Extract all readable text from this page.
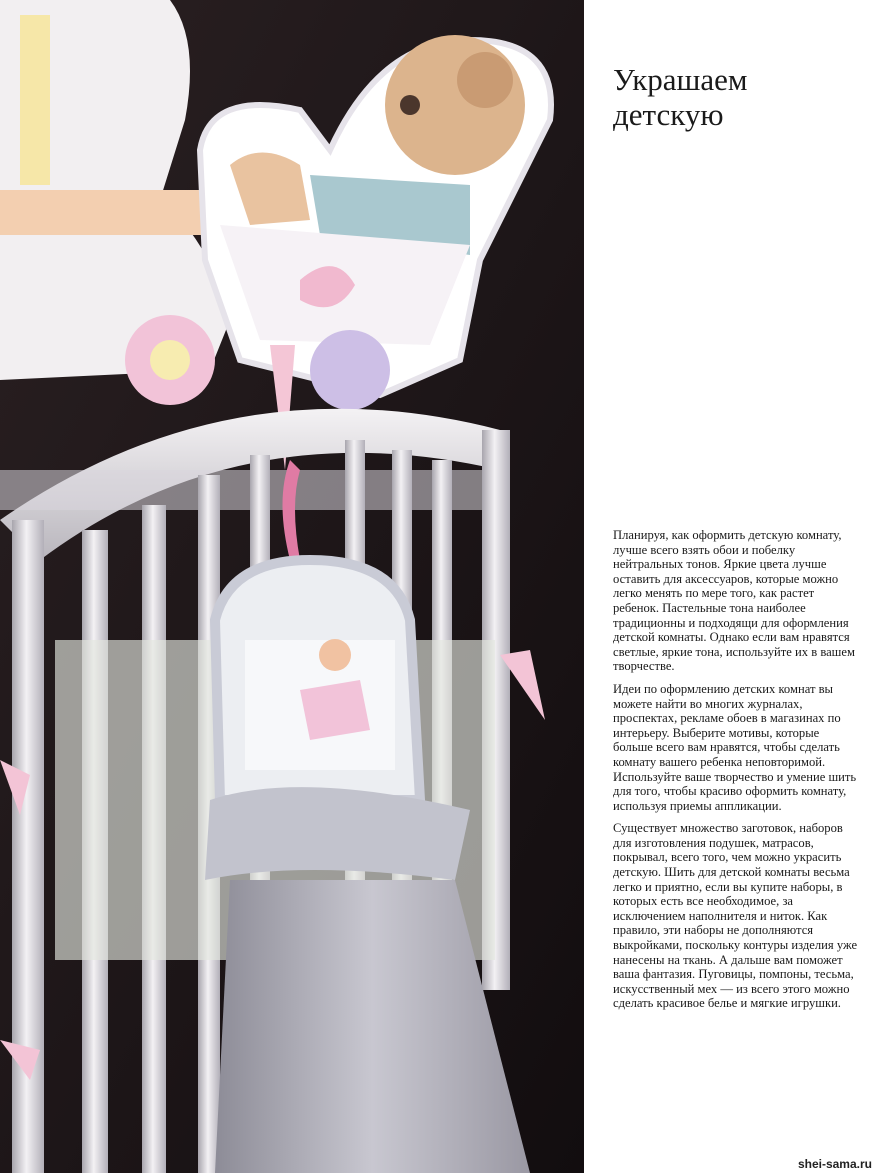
Украшаем
детскую

Планируя, как оформить детскую комнату, лучше всего взять обои и побелку нейтральных тонов. Яркие цвета лучше оставить для аксессуаров, которые можно легко менять по мере того, как растет ребенок. Пастельные тона наиболее традиционны и подходящи для оформления детской комнаты. Однако если вам нравятся светлые, яркие тона, используйте их в вашем творчестве.

Идеи по оформлению детских комнат вы можете найти во многих журналах, проспектах, рекламе обоев в магазинах по интерьеру. Выберите мотивы, которые больше всего вам нравятся, чтобы сделать комнату вашего ребенка неповторимой. Используйте ваше творчество и умение шить для того, чтобы красиво оформить комнату, используя приемы аппликации.

Существует множество заготовок, наборов для изготовления подушек, матрасов, покрывал, всего того, чем можно украсить детскую. Шить для детской комнаты весьма легко и приятно, если вы купите наборы, в которых есть все необходимое, за исключением наполнителя и ниток. Как правило, эти наборы не дополняются выкройками, поскольку контуры изделия уже нанесены на ткань. А дальше вам поможет ваша фантазия. Пуговицы, помпоны, тесьма, искусственный мех — из всего этого можно сделать красивое белье и мягкие игрушки.

shei-sama.ru
